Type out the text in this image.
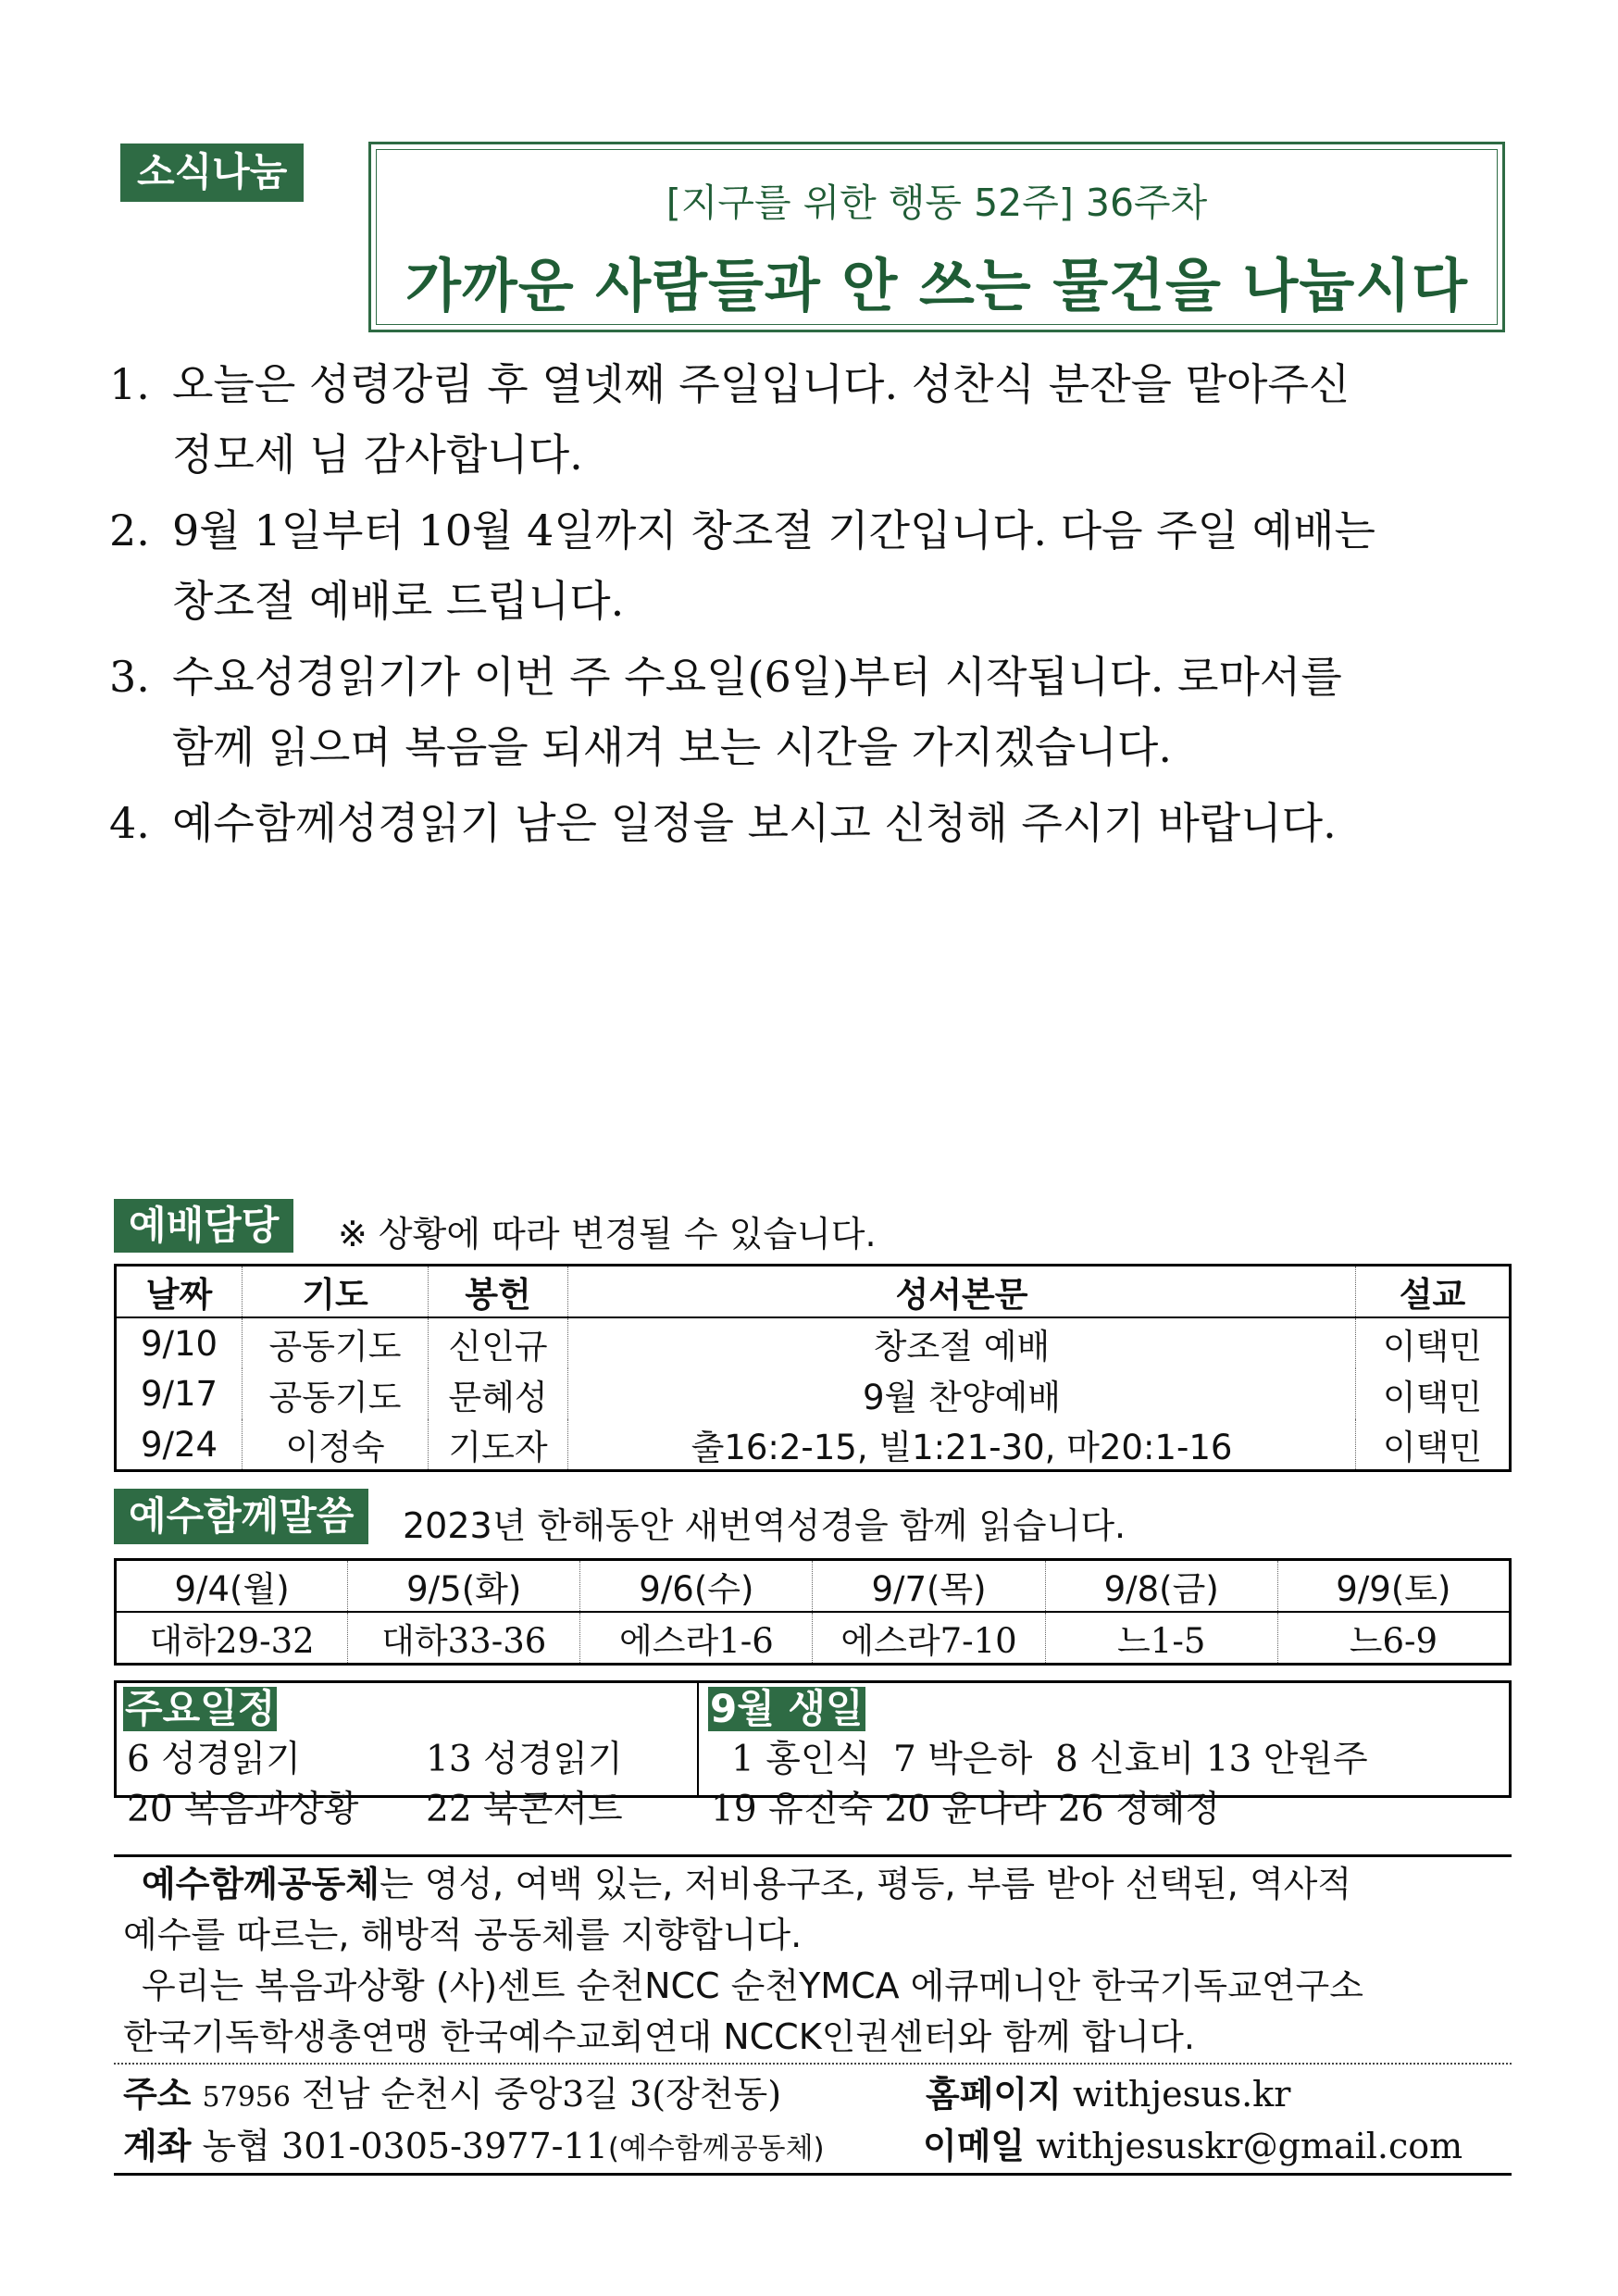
소식나눔
[지구를 위한 행동 52주] 36주차
가까운 사람들과 안 쓰는 물건을 나눕시다
1. 오늘은 성령강림 후 열넷째 주일입니다. 성찬식 분잔을 맡아주신
정모세 님 감사합니다.
2. 9월 1일부터 10월 4일까지 창조절 기간입니다. 다음 주일 예배는
창조절 예배로 드립니다.
3. 수요성경읽기가 이번 주 수요일(6일)부터 시작됩니다. 로마서를
함께 읽으며 복음을 되새겨 보는 시간을 가지겠습니다.
4. 예수함께성경읽기 남은 일정을 보시고 신청해 주시기 바랍니다.
예배담당	※ 상황에 따라 변경될 수 있습니다.
날짜	기도	봉헌	성서본문	설교
9/10	공동기도	신인규	창조절 예배	이택민
9/17	공동기도	문혜성	9월 찬양예배	이택민
9/24	이정숙	기도자	출16:2-15, 빌1:21-30, 마20:1-16	이택민
예수함께말씀	2023년 한해동안 새번역성경을 함께 읽습니다.
9/4(월)	9/5(화)	9/6(수)	9/7(목)	9/8(금)	9/9(토)
대하29-32	대하33-36	에스라1-6	에스라7-10	느1-5	느6-9
주요일정
6 성경읽기	13 성경읽기
20 복음과상황 22 북콘서트
9월 생일
1 홍인식  7 박은하  8 신효비 13 안원주
19 유진숙 20 윤나라 26 정혜정
예수함께공동체는 영성, 여백 있는, 저비용구조, 평등, 부름 받아 선택된, 역사적
예수를 따르는, 해방적 공동체를 지향합니다.
우리는 복음과상황 (사)센트 순천NCC 순천YMCA 에큐메니안 한국기독교연구소
한국기독학생총연맹 한국예수교회연대 NCCK인권센터와 함께 합니다.
주소 57956 전남 순천시 중앙3길 3(장천동)	홈페이지 withjesus.kr
계좌 농협 301-0305-3977-11(예수함께공동체)	이메일 withjesuskr@gmail.com
